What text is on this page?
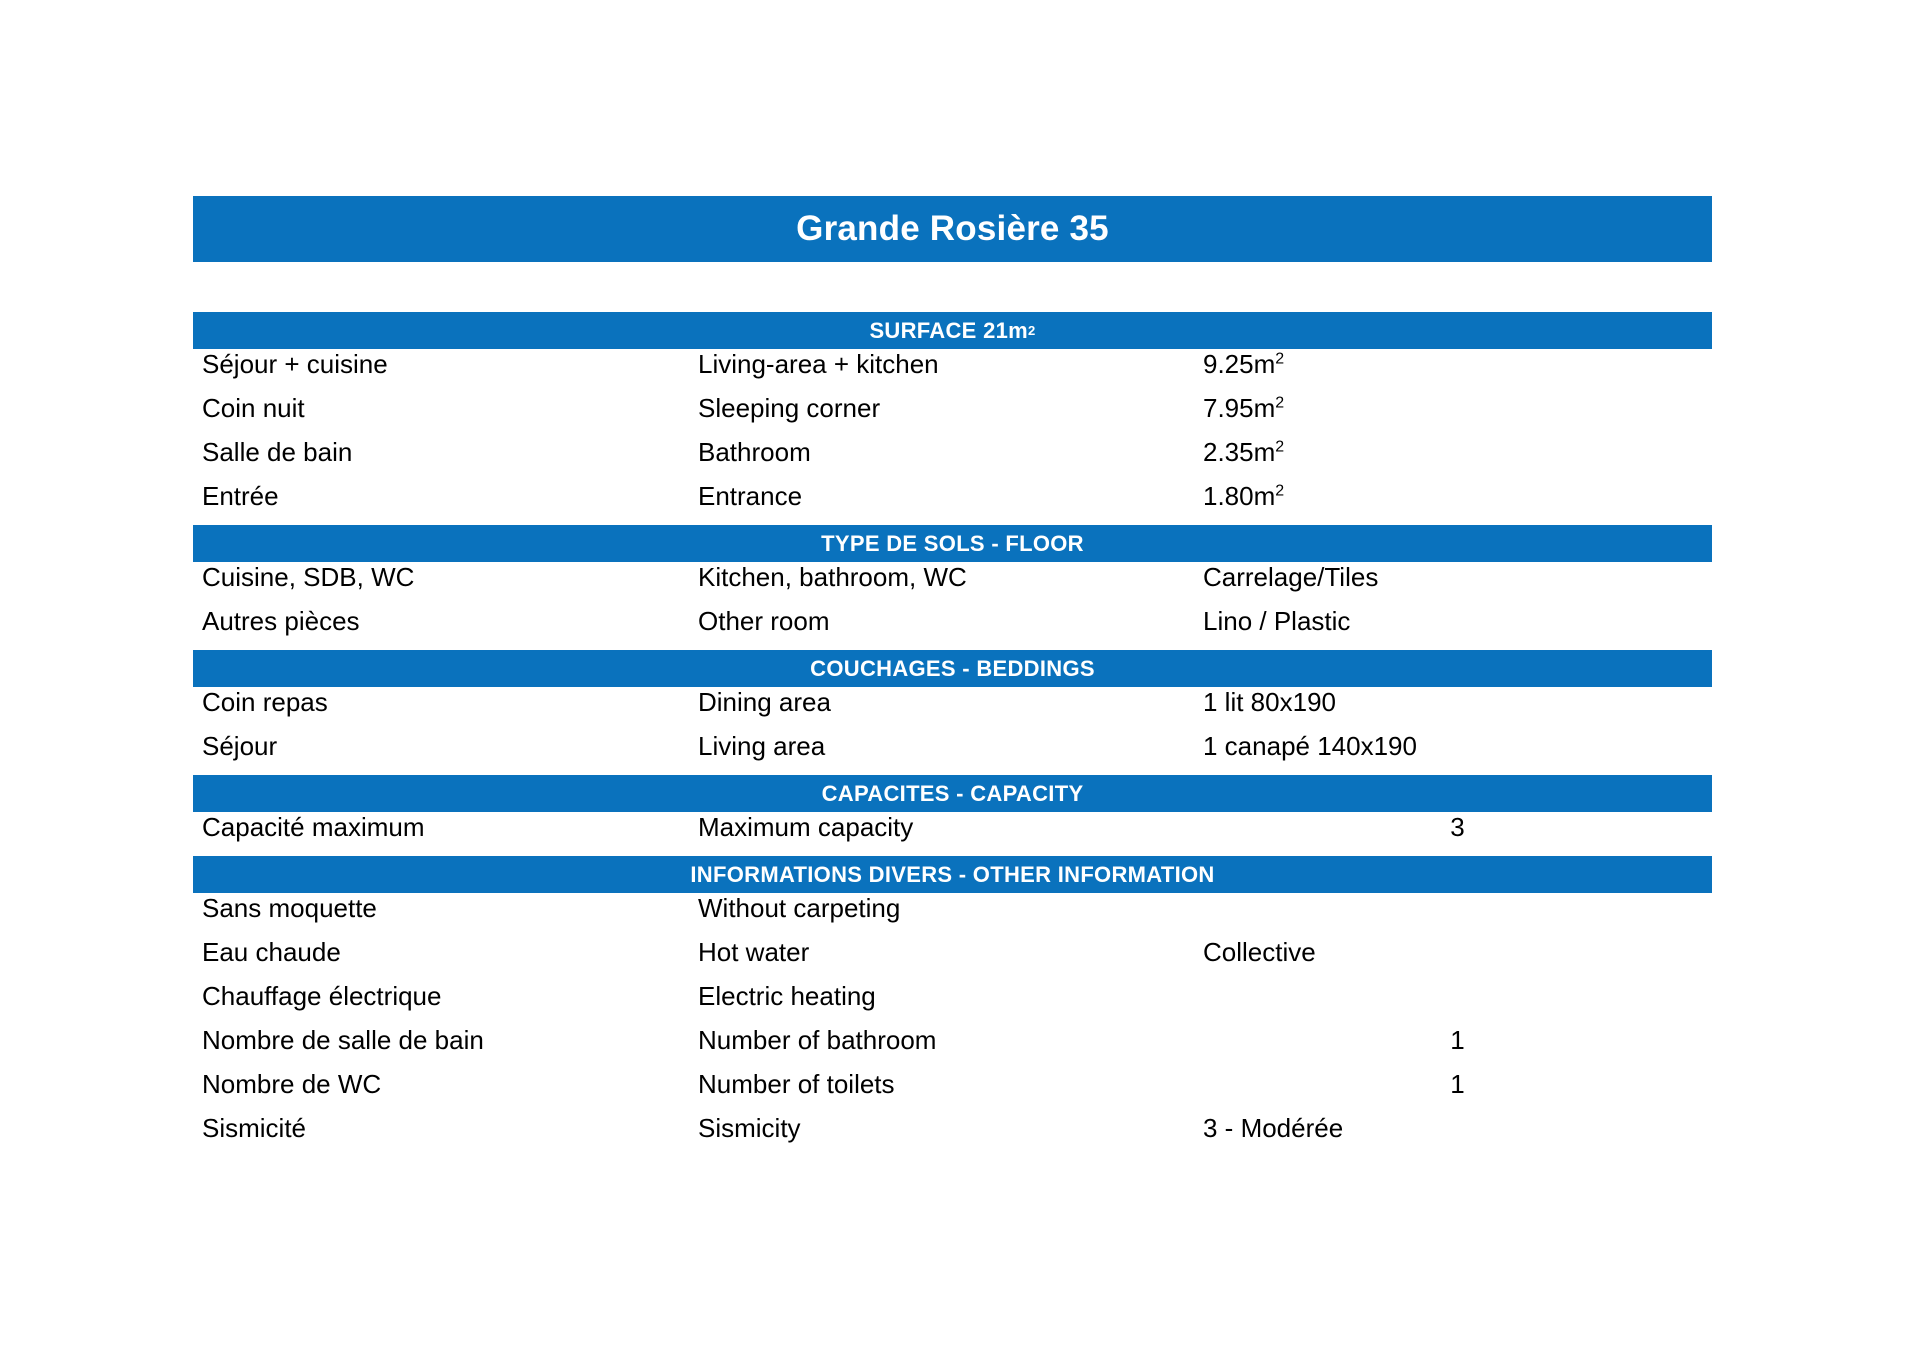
Grande Rosière 35
SURFACE 21m 2
Séjour + cuisine	Living-area + kitchen	$9.25m^2$
Coin nuit	Sleeping corner	$7.95m^2$
Salle de bain	Bathroom	$2.35m^2$
Entrée	Entrance	$1.80m^2$
TYPE DE SOLS - FLOOR
Cuisine, SDB, WC	Kitchen, bathroom, WC	Carrelage/Tiles
Autres pièces	Other room	Lino / Plastic
COUCHAGES - BEDDINGS
Coin repas	Dining area	1 lit 80x190
Séjour	Living area	1 canapé 140x190
CAPACITES - CAPACITY
Capacité maximum	Maximum capacity	3
INFORMATIONS DIVERS - OTHER INFORMATION
Sans moquette	Without carpeting
Eau chaude	Hot water	Collective
Chauffage électrique	Electric heating
Nombre de salle de bain	Number of bathroom	1
Nombre de WC	Number of toilets	1
Sismicité	Sismicity	3 - Modérée
